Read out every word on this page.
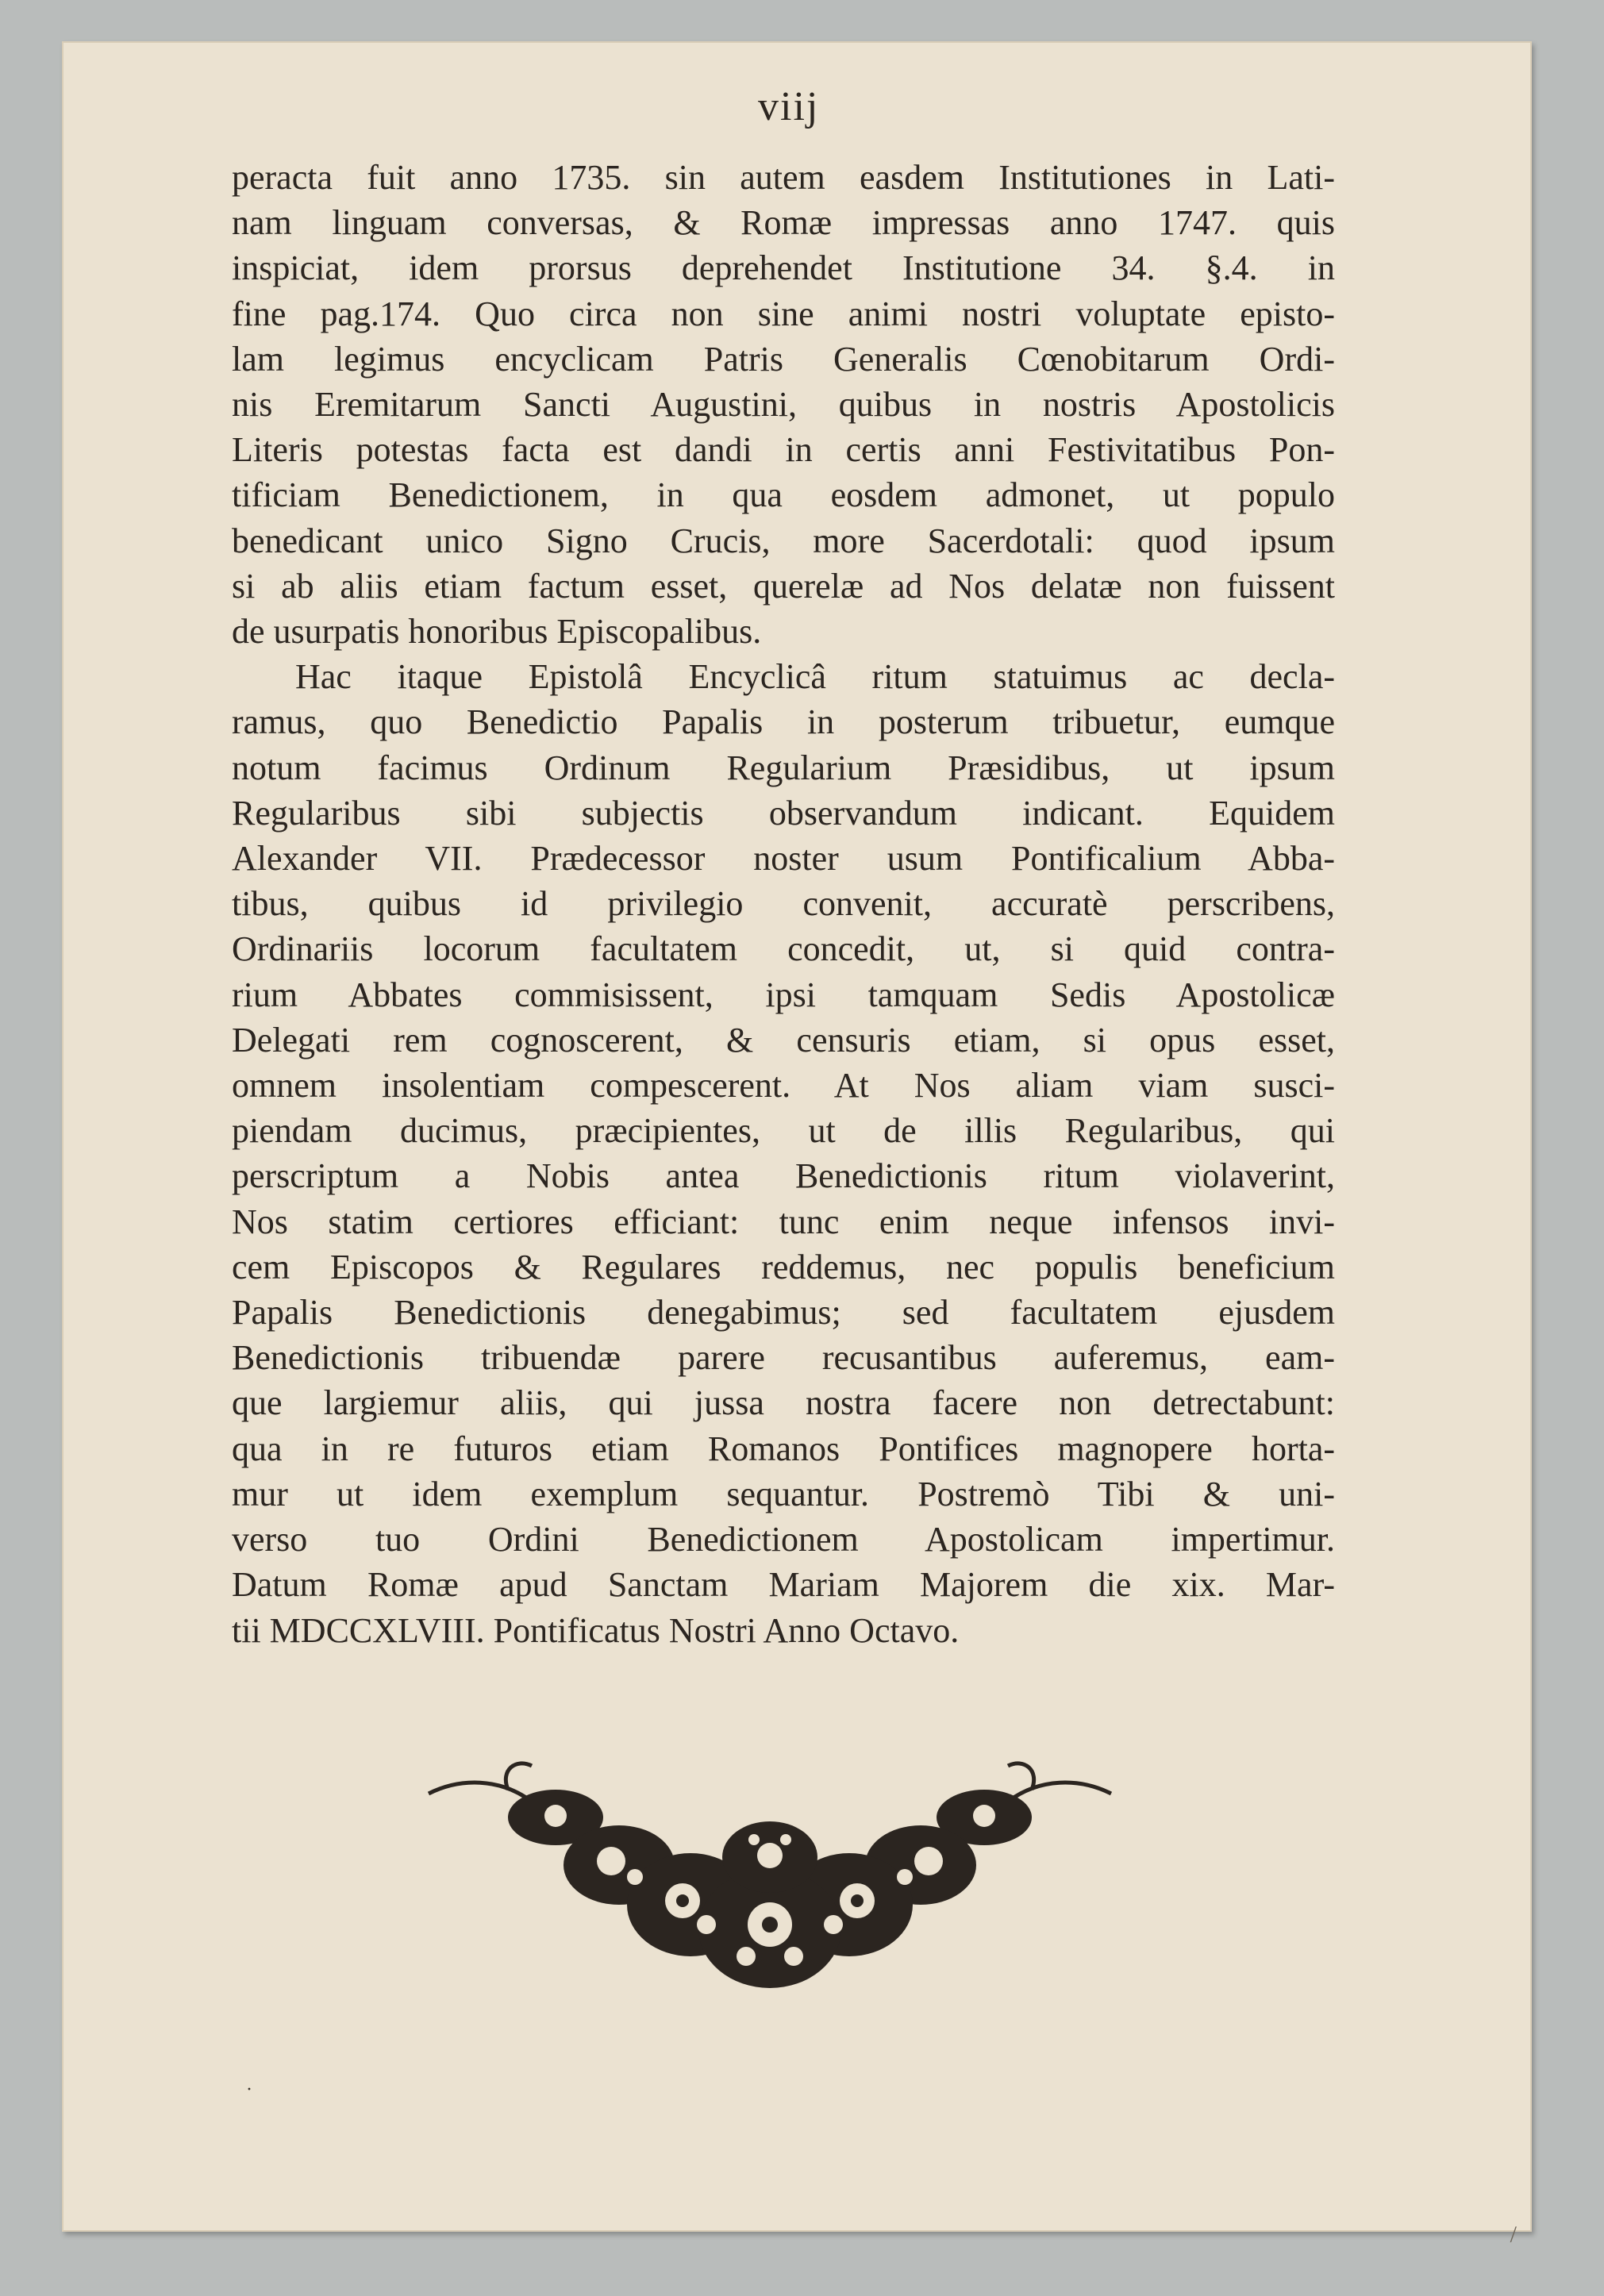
viij

peracta fuit anno 1735. sin autem easdem Institutiones in Lati-
nam linguam conversas, & Romæ impressas anno 1747. quis
inspiciat, idem prorsus deprehendet Institutione 34. §.4. in
fine pag.174. Quo circa non sine animi nostri voluptate episto-
lam legimus encyclicam Patris Generalis Cœnobitarum Ordi-
nis Eremitarum Sancti Augustini, quibus in nostris Apostolicis
Literis potestas facta est dandi in certis anni Festivitatibus Pon-
tificiam Benedictionem, in qua eosdem admonet, ut populo
benedicant unico Signo Crucis, more Sacerdotali: quod ipsum
si ab aliis etiam factum esset, querelæ ad Nos delatæ non fuissent
de usurpatis honoribus Episcopalibus.

Hac itaque Epistolâ Encyclicâ ritum statuimus ac decla-
ramus, quo Benedictio Papalis in posterum tribuetur, eumque
notum facimus Ordinum Regularium Præsidibus, ut ipsum
Regularibus sibi subjectis observandum indicant. Equidem
Alexander VII. Prædecessor noster usum Pontificalium Abba-
tibus, quibus id privilegio convenit, accuratè perscribens,
Ordinariis locorum facultatem concedit, ut, si quid contra-
rium Abbates commisissent, ipsi tamquam Sedis Apostolicæ
Delegati rem cognoscerent, & censuris etiam, si opus esset,
omnem insolentiam compescerent. At Nos aliam viam susci-
piendam ducimus, præcipientes, ut de illis Regularibus, qui
perscriptum a Nobis antea Benedictionis ritum violaverint,
Nos statim certiores efficiant: tunc enim neque infensos invi-
cem Episcopos & Regulares reddemus, nec populis beneficium
Papalis Benedictionis denegabimus; sed facultatem ejusdem
Benedictionis tribuendæ parere recusantibus auferemus, eam-
que largiemur aliis, qui jussa nostra facere non detrectabunt:
qua in re futuros etiam Romanos Pontifices magnopere horta-
mur ut idem exemplum sequantur. Postremò Tibi & uni-
verso tuo Ordini Benedictionem Apostolicam impertimur.
Datum Romæ apud Sanctam Mariam Majorem die xix. Mar-
tii MDCCXLVIII. Pontificatus Nostri Anno Octavo.

·
/
